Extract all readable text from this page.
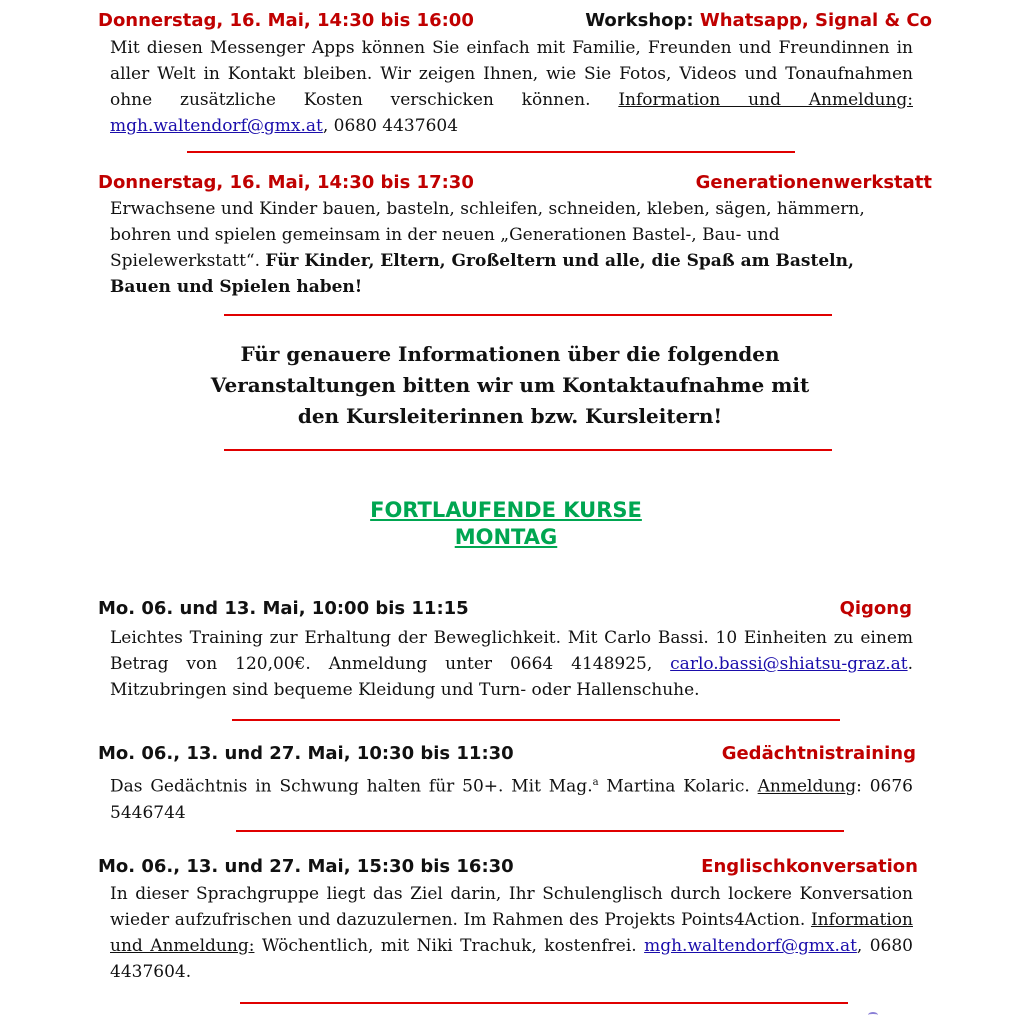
Donnerstag, 16. Mai, 14:30 bis 16:00	Workshop: Whatsapp, Signal & Co
Mit diesen Messenger Apps können Sie einfach mit Familie, Freunden und Freundinnen in aller Welt in Kontakt bleiben. Wir zeigen Ihnen, wie Sie Fotos, Videos und Tonaufnahmen ohne zusätzliche Kosten verschicken können. Information und Anmeldung: mgh.waltendorf@gmx.at, 0680 4437604
Donnerstag, 16. Mai, 14:30 bis 17:30	Generationenwerkstatt
Erwachsene und Kinder bauen, basteln, schleifen, schneiden, kleben, sägen, hämmern, bohren und spielen gemeinsam in der neuen „Generationen Bastel-, Bau- und Spielewerkstatt“. Für Kinder, Eltern, Großeltern und alle, die Spaß am Basteln, Bauen und Spielen haben!
Für genauere Informationen über die folgenden
Veranstaltungen bitten wir um Kontaktaufnahme mit
den Kursleiterinnen bzw. Kursleitern!
FORTLAUFENDE KURSE
MONTAG
Mo. 06. und 13. Mai, 10:00 bis 11:15	Qigong
Leichtes Training zur Erhaltung der Beweglichkeit. Mit Carlo Bassi. 10 Einheiten zu einem Betrag von 120,00€. Anmeldung unter 0664 4148925, carlo.bassi@shiatsu-graz.at. Mitzubringen sind bequeme Kleidung und Turn- oder Hallenschuhe.
Mo. 06., 13. und 27. Mai, 10:30 bis 11:30	Gedächtnistraining
Das Gedächtnis in Schwung halten für 50+. Mit Mag.$^a$ Martina Kolaric. Anmeldung: 0676 5446744
Mo. 06., 13. und 27. Mai, 15:30 bis 16:30	Englischkonversation
In dieser Sprachgruppe liegt das Ziel darin, Ihr Schulenglisch durch lockere Konversation wieder aufzufrischen und dazuzulernen. Im Rahmen des Projekts Points4Action. Information und Anmeldung: Wöchentlich, mit Niki Trachuk, kostenfrei. mgh.waltendorf@gmx.at, 0680 4437604.
